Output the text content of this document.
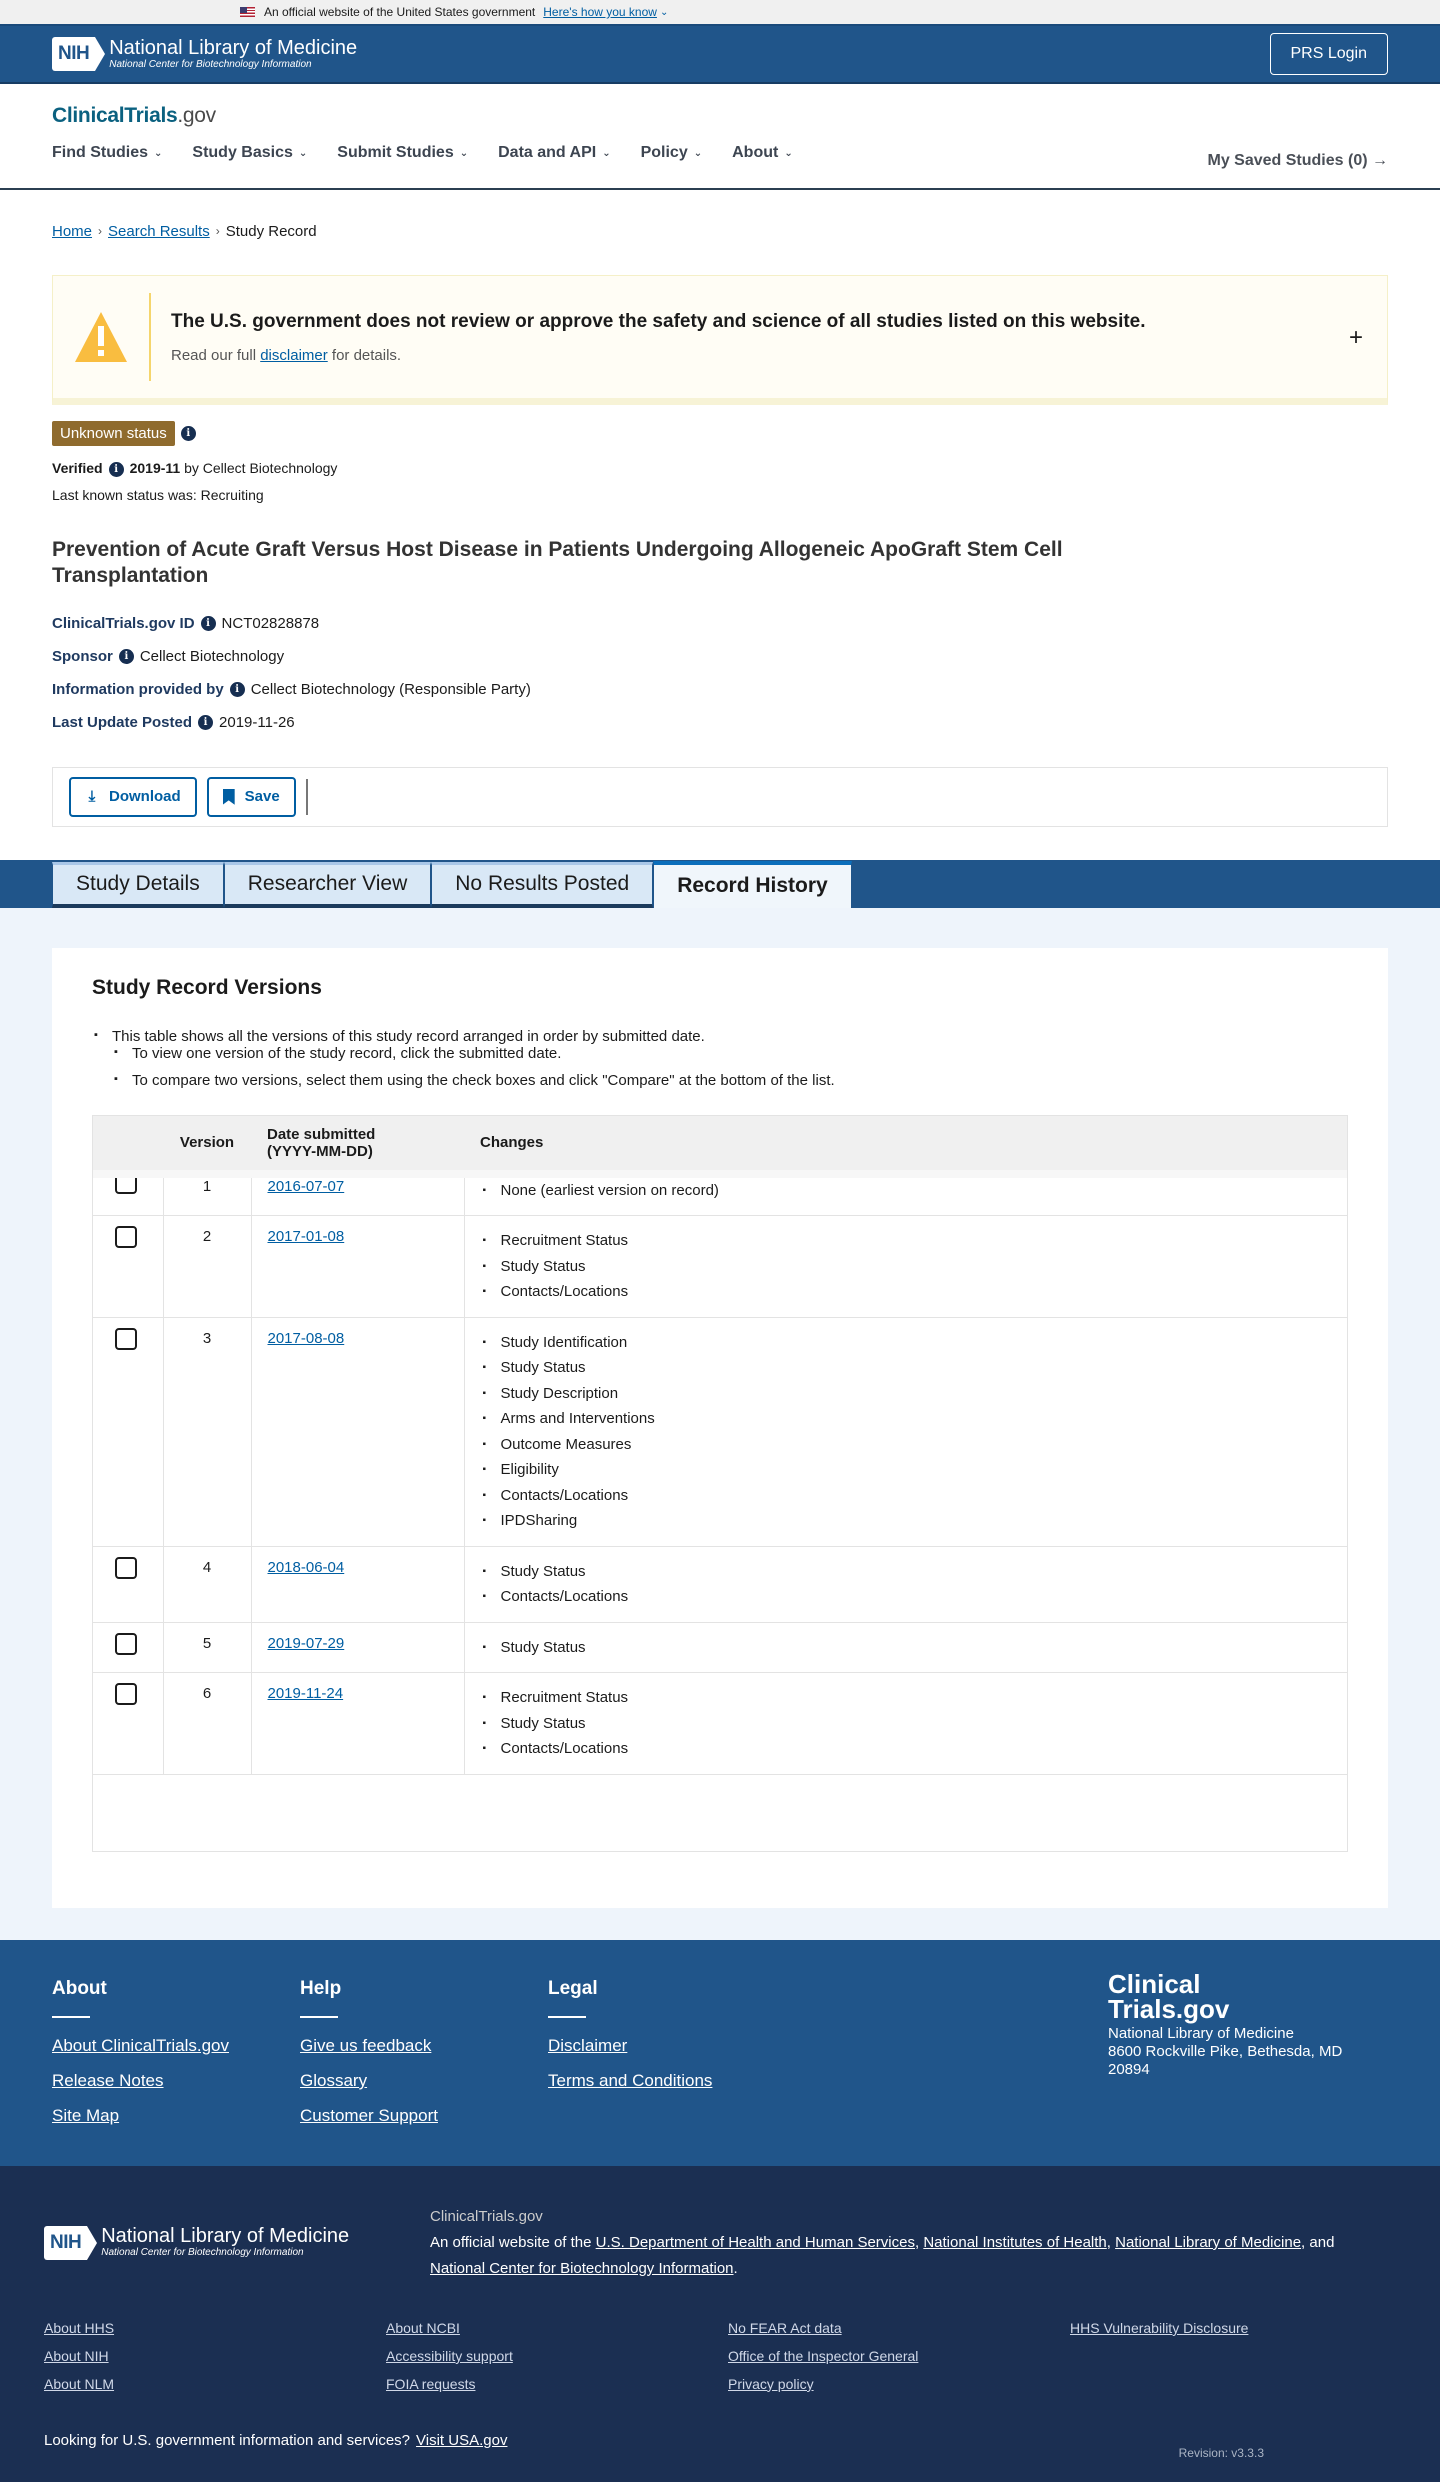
An official website of the United States government Here's how you know ⌄
NIH	National Library of Medicine
National Center for Biotechnology Information
PRS Login
ClinicalTrials.gov
Find Studies ⌄ Study Basics ⌄ Submit Studies ⌄ Data and API ⌄ Policy ⌄ About ⌄	My Saved Studies (0) →
Home › Search Results › Study Record
The U.S. government does not review or approve the safety and science of all studies listed on this website.
Read our full disclaimer for details.
+
Unknown status	i
Verified i 2019-11 by Cellect Biotechnology
Last known status was: Recruiting
Prevention of Acute Graft Versus Host Disease in Patients Undergoing Allogeneic ApoGraft Stem Cell Transplantation
ClinicalTrials.gov ID	i NCT02828878
Sponsor	i Cellect Biotechnology
Information provided by	i Cellect Biotechnology (Responsible Party)
Last Update Posted	i 2019-11-26
⤓ Download	Save
Study Details	Researcher View	No Results Posted	Record History
Study Record Versions
▪ This table shows all the versions of this study record arranged in order by submitted date.
▪ To view one version of the study record, click the submitted date.
▪ To compare two versions, select them using the check boxes and click "Compare" at the bottom of the list.
	Version	Date submitted
(YYYY-MM-DD)	Changes

	1	2016-07-07	
▪None (earliest version on record)

	2	2017-01-08	
▪Recruitment Status
▪ Study Status
▪ Contacts/Locations

	3	2017-08-08	
▪Study Identification
▪ Study Status
▪ Study Description
▪ Arms and Interventions
▪ Outcome Measures
▪ Eligibility
▪ Contacts/Locations
▪ IPDSharing

	4	2018-06-04	
▪Study Status
▪ Contacts/Locations

	5	2019-07-29	
▪Study Status

	6	2019-11-24	
▪Recruitment Status
▪ Study Status
▪ Contacts/Locations
About
About ClinicalTrials.gov
Release Notes
Site Map
Help
Give us feedback
Glossary
Customer Support
Legal
Disclaimer
Terms and Conditions
Clinical
Trials.gov
National Library of Medicine
8600 Rockville Pike, Bethesda, MD 20894
NIH	National Library of Medicine
National Center for Biotechnology Information
ClinicalTrials.gov
An official website of the U.S. Department of Health and Human Services, National Institutes of Health, National Library of Medicine, and National Center for Biotechnology Information.
About HHS	About NCBI	No FEAR Act data	HHS Vulnerability Disclosure
About NIH	Accessibility support	Office of the Inspector General
About NLM	FOIA requests	Privacy policy
Looking for U.S. government information and services? Visit USA.gov
Revision: v3.3.3
